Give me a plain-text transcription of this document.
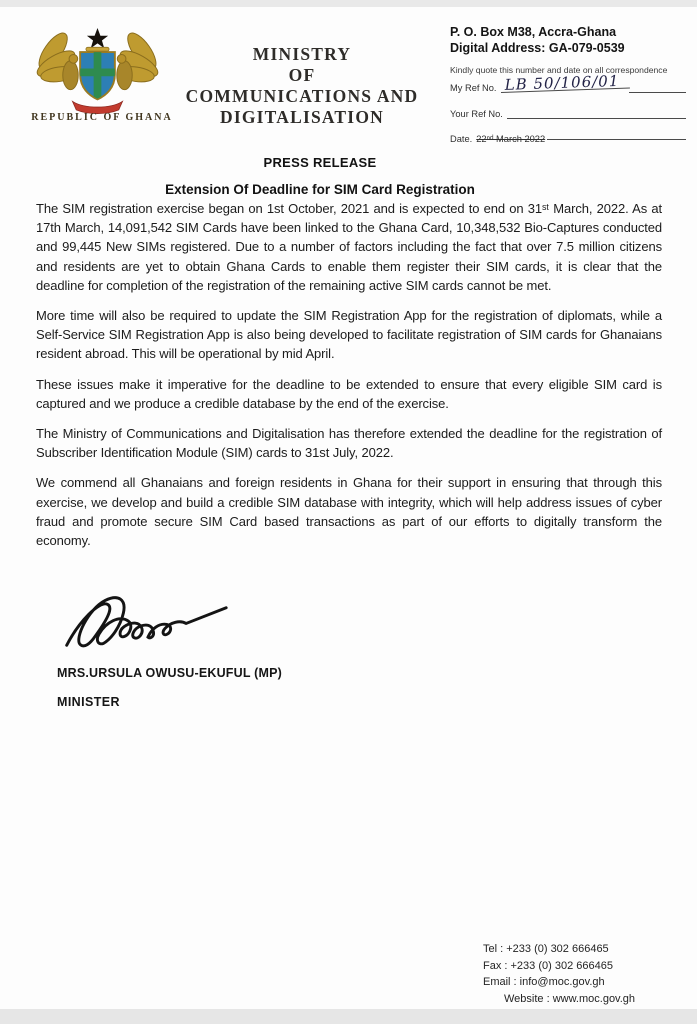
REPUBLIC OF GHANA
MINISTRY
OF
COMMUNICATIONS AND
DIGITALISATION
P. O. Box M38, Accra-Ghana
Digital Address: GA-079-0539
Kindly quote this number and date on all correspondence
My Ref No. LB 50/106/01
Your Ref No.
Date. 22ⁿᵈ March 2022
PRESS RELEASE
Extension Of Deadline for SIM Card Registration

The SIM registration exercise began on 1st October, 2021 and is expected to end on 31ˢᵗ March, 2022. As at 17th March, 14,091,542 SIM Cards have been linked to the Ghana Card, 10,348,532 Bio-Captures conducted and 99,445 New SIMs registered. Due to a number of factors including the fact that over 7.5 million citizens and residents are yet to obtain Ghana Cards to enable them register their SIM cards, it is clear that the deadline for completion of the registration of the remaining active SIM cards cannot be met.

More time will also be required to update the SIM Registration App for the registration of diplomats, while a Self-Service SIM Registration App is also being developed to facilitate registration of SIM cards for Ghanaians resident abroad. This will be operational by mid April.

These issues make it imperative for the deadline to be extended to ensure that every eligible SIM card is captured and we produce a credible database by the end of the exercise.

The Ministry of Communications and Digitalisation has therefore extended the deadline for the registration of Subscriber Identification Module (SIM) cards to 31st July, 2022.

We commend all Ghanaians and foreign residents in Ghana for their support in ensuring that through this exercise, we develop and build a credible SIM database with integrity, which will help address issues of cyber fraud and promote secure SIM Card based transactions as part of our efforts to digitally transform the economy.

MRS.URSULA OWUSU-EKUFUL (MP)
MINISTER
Tel : +233 (0) 302 666465
Fax : +233 (0) 302 666465
Email : info@moc.gov.gh
Website : www.moc.gov.gh
